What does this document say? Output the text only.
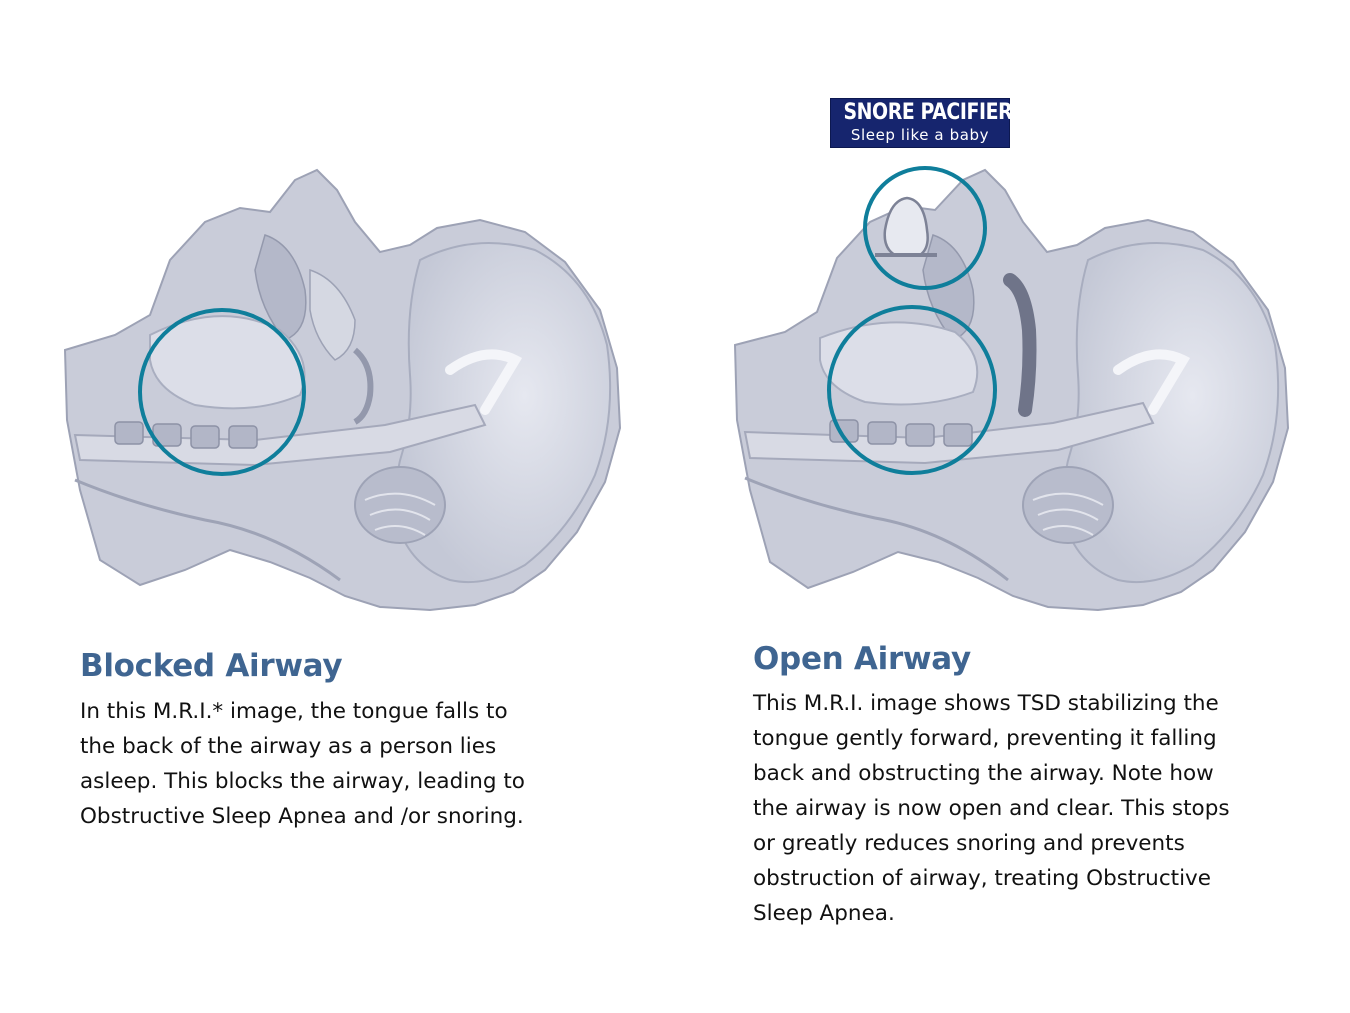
SNORE PACIFIER
Sleep like a baby
Blocked Airway
In this M.R.I.* image, the tongue falls to
the back of the airway as a person lies
asleep. This blocks the airway, leading to
Obstructive Sleep Apnea and /or snoring.
Open Airway
This M.R.I. image shows TSD stabilizing the
tongue gently forward, preventing it falling
back and obstructing the airway. Note how
the airway is now open and clear. This stops
or greatly reduces snoring and prevents
obstruction of airway, treating Obstructive
Sleep Apnea.
